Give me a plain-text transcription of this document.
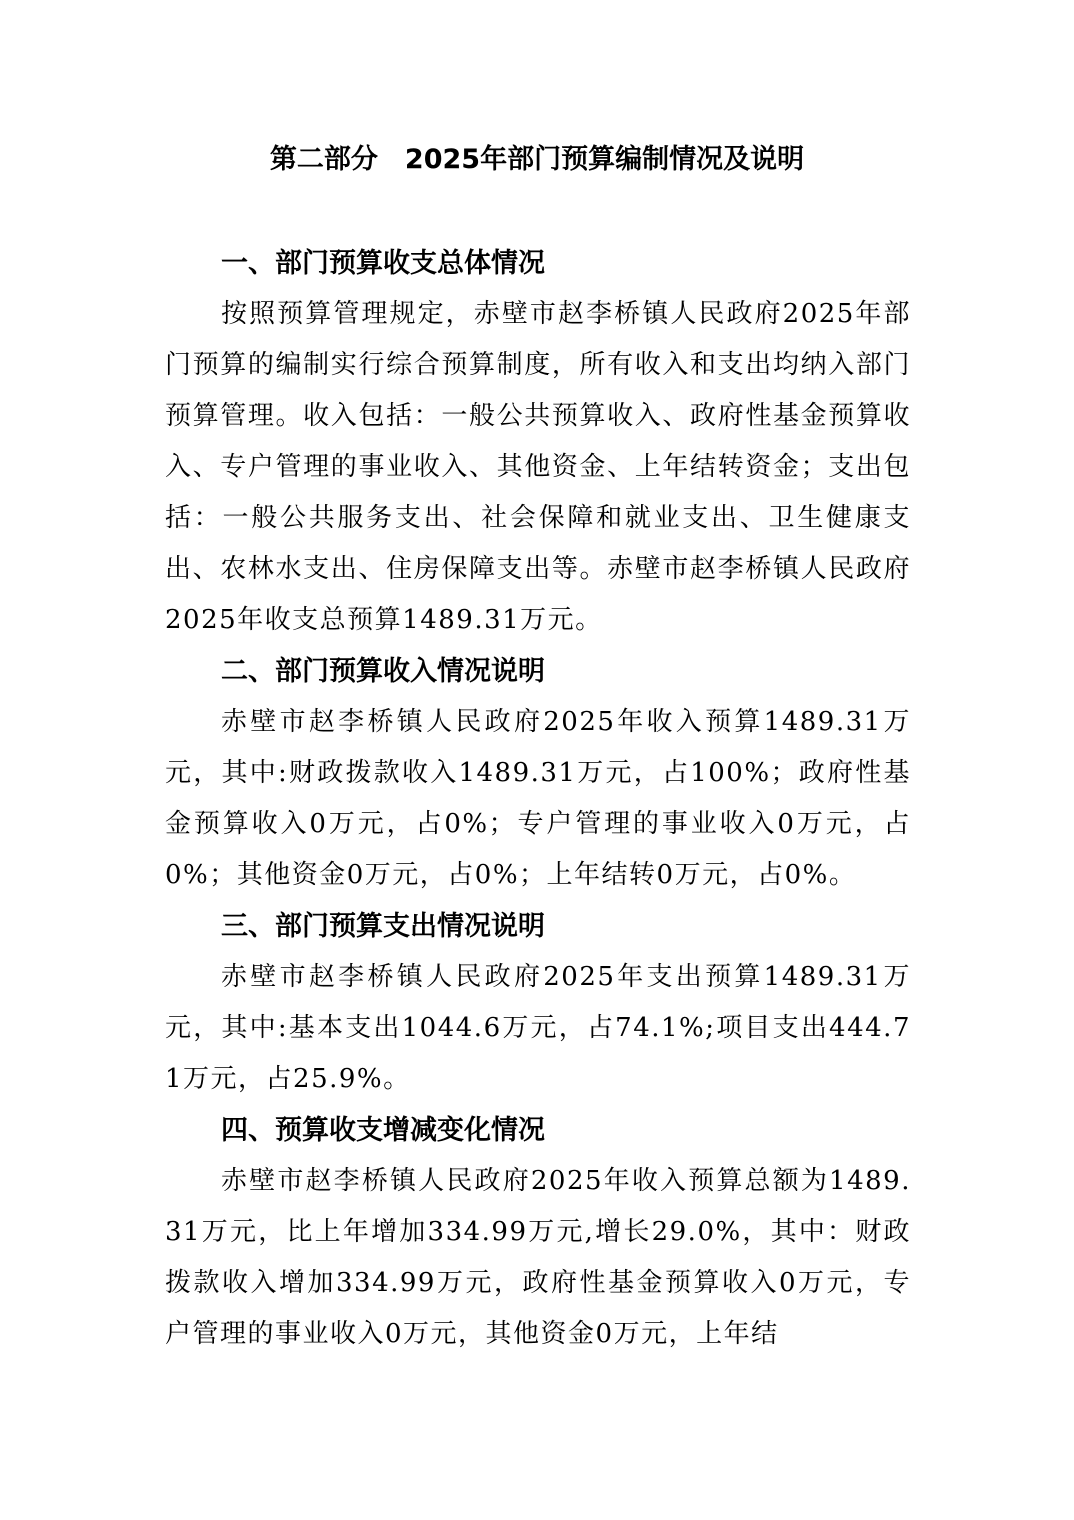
第二部分　2025年部门预算编制情况及说明
一、部门预算收支总体情况

按照预算管理规定，赤壁市赵李桥镇人民政府2025年部门预算的编制实行综合预算制度，所有收入和支出均纳入部门预算管理。收入包括：一般公共预算收入、政府性基金预算收入、专户管理的事业收入、其他资金、上年结转资金；支出包括：一般公共服务支出、社会保障和就业支出、卫生健康支出、农林水支出、住房保障支出等。赤壁市赵李桥镇人民政府2025年收支总预算1489.31万元。

二、部门预算收入情况说明

赤壁市赵李桥镇人民政府2025年收入预算1489.31万元，其中:财政拨款收入1489.31万元，占100%；政府性基金预算收入0万元，占0%；专户管理的事业收入0万元，占0%；其他资金0万元，占0%；上年结转0万元，占0%。

三、部门预算支出情况说明

赤壁市赵李桥镇人民政府2025年支出预算1489.31万元，其中:基本支出1044.6万元，占74.1%;项目支出444.71万元，占25.9%。

四、预算收支增减变化情况

赤壁市赵李桥镇人民政府2025年收入预算总额为1489.31万元，比上年增加334.99万元,增长29.0%，其中：财政拨款收入增加334.99万元，政府性基金预算收入0万元，专户管理的事业收入0万元，其他资金0万元，上年结
